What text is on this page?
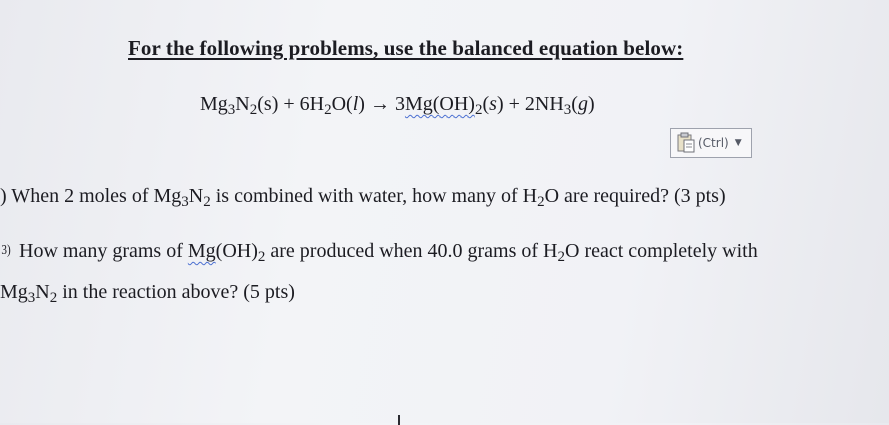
For the following problems, use the balanced equation below:
$Mg_3N_2(s) + 6H_2O(l) \to 3Mg(OH)_2(s) + 2NH_3(g)$
(Ctrl) ▼
) When 2 moles of $Mg_3N_2$ is combined with water, how many of $H_2O$ are required? (3 pts)
3) How many grams of $Mg(OH)_2$ are produced when 40.0 grams of $H_2O$ react completely with
$Mg_3N_2$ in the reaction above? (5 pts)
